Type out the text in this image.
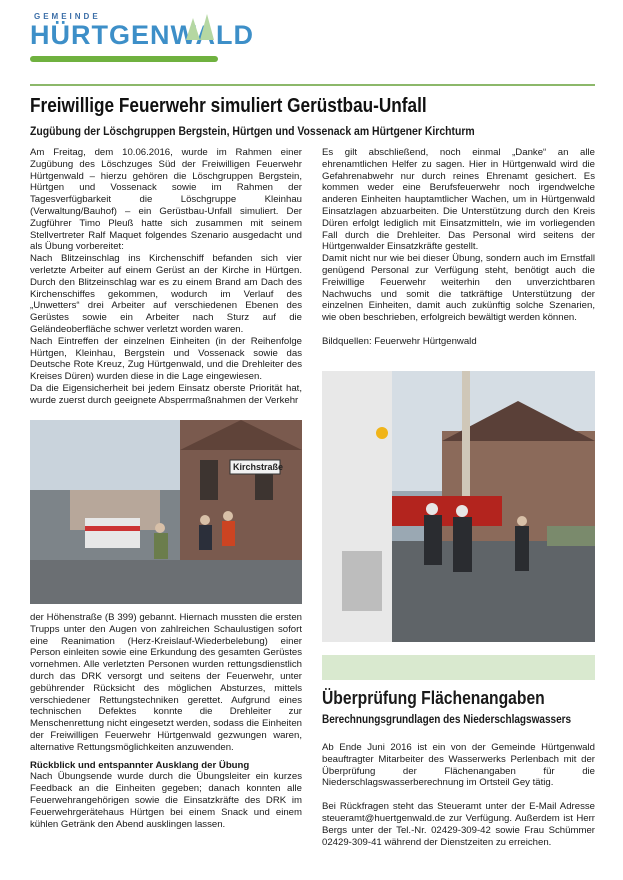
GEMEINDE
HÜRTGENWALD
Freiwillige Feuerwehr simuliert Gerüstbau-Unfall
Zugübung der Löschgruppen Bergstein, Hürtgen und Vossenack am Hürtgener Kirchturm

Am Freitag, dem 10.06.2016, wurde im Rahmen einer Zugübung des Löschzuges Süd der Freiwilligen Feuerwehr Hürtgenwald – hierzu gehören die Löschgruppen Bergstein, Hürtgen und Vossenack sowie im Rahmen der Tagesverfügbarkeit die Löschgruppe Kleinhau (Verwaltung/Bauhof) – ein Gerüstbau-Unfall simuliert. Der Zugführer Timo Pleuß hatte sich zusammen mit seinem Stellvertreter Ralf Maquet folgendes Szenario ausgedacht und als Übung vorbereitet:

Nach Blitzeinschlag ins Kirchenschiff befanden sich vier verletzte Arbeiter auf einem Gerüst an der Kirche in Hürtgen. Durch den Blitzeinschlag war es zu einem Brand am Dach des Kirchenschiffes gekommen, wodurch im Verlauf des „Unwetters“ drei Arbeiter auf verschiedenen Ebenen des Gerüstes sowie ein Arbeiter nach Sturz auf die Geländeoberfläche schwer verletzt worden waren.

Nach Eintreffen der einzelnen Einheiten (in der Reihenfolge Hürtgen, Kleinhau, Bergstein und Vossenack sowie das Deutsche Rote Kreuz, Zug Hürtgenwald, und die Drehleiter des Kreises Düren) wurden diese in die Lage eingewiesen.

Da die Eigensicherheit bei jedem Einsatz oberste Priorität hat, wurde zuerst durch geeignete Absperrmaßnahmen der Verkehr

Kirchstraße

der Höhenstraße (B 399) gebannt. Hiernach mussten die ersten Trupps unter den Augen von zahlreichen Schaulustigen sofort eine Reanimation (Herz-Kreislauf-Wiederbelebung) einer Person einleiten sowie eine Erkundung des gesamten Gerüstes vornehmen. Alle verletzten Personen wurden rettungsdienstlich durch das DRK versorgt und seitens der Feuerwehr, unter gebührender Rücksicht des möglichen Absturzes, mittels verschiedener Rettungstechniken gerettet. Aufgrund eines technischen Defektes konnte die Drehleiter zur Menschenrettung nicht eingesetzt werden, sodass die Einheiten der Freiwilligen Feuerwehr Hürtgenwald gezwungen waren, alternative Rettungsmöglichkeiten anzuwenden.

Rückblick und entspannter Ausklang der Übung

Nach Übungsende wurde durch die Übungsleiter ein kurzes Feedback an die Einheiten gegeben; danach konnten alle Feuerwehrangehörigen sowie die Einsatzkräfte des DRK im Feuerwehrgerätehaus Hürtgen bei einem Snack und einem kühlen Getränk den Abend ausklingen lassen.

Es gilt abschließend, noch einmal „Danke“ an alle ehrenamtlichen Helfer zu sagen. Hier in Hürtgenwald wird die Gefahrenabwehr nur durch reines Ehrenamt gesichert. Es kommen weder eine Berufsfeuerwehr noch irgendwelche anderen Einheiten hauptamtlicher Wachen, um in Hürtgenwald Einsatzlagen abzuarbeiten. Die Unterstützung durch den Kreis Düren erfolgt lediglich mit Einsatzmitteln, wie im vorliegenden Fall durch die Drehleiter. Das Personal wird seitens der Hürtgenwalder Einsatzkräfte gestellt.

Damit nicht nur wie bei dieser Übung, sondern auch im Ernstfall genügend Personal zur Verfügung steht, benötigt auch die Freiwillige Feuerwehr weiterhin den unverzichtbaren Nachwuchs und somit die tatkräftige Unterstützung der einzelnen Einheiten, damit auch zukünftig solche Szenarien, wie oben beschrieben, erfolgreich bewältigt werden können.

Bildquellen: Feuerwehr Hürtgenwald

Überprüfung Flächenangaben
Berechnungsgrundlagen des Niederschlagswassers

Ab Ende Juni 2016 ist ein von der Gemeinde Hürtgenwald beauftragter Mitarbeiter des Wasserwerks Perlenbach mit der Überprüfung der Flächenangaben für die Niederschlagswasserberechnung im Ortsteil Gey tätig.

Bei Rückfragen steht das Steueramt unter der E-Mail Adresse steueramt@huertgenwald.de zur Verfügung. Außerdem ist Herr Bergs unter der Tel.-Nr. 02429-309-42 sowie Frau Schümmer 02429-309-41 während der Dienstzeiten zu erreichen.
